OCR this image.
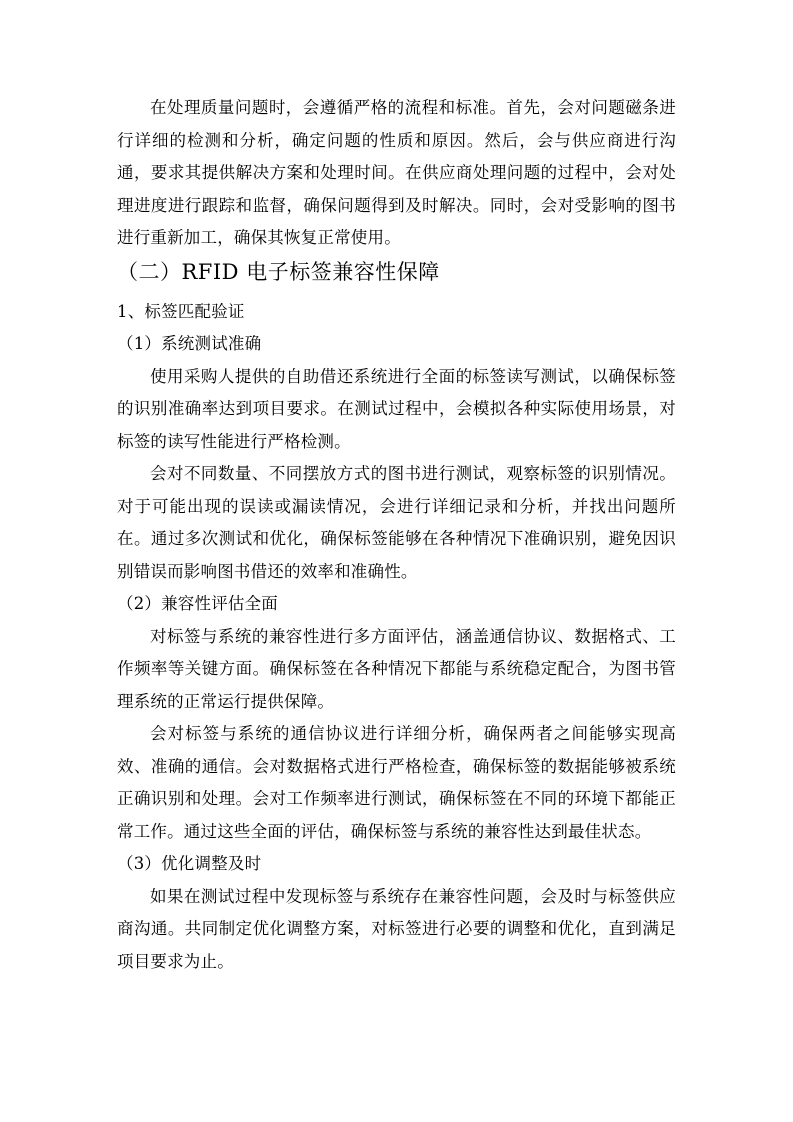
在处理质量问题时，会遵循严格的流程和标准。首先，会对问题磁条进行详细的检测和分析，确定问题的性质和原因。然后，会与供应商进行沟通，要求其提供解决方案和处理时间。在供应商处理问题的过程中，会对处理进度进行跟踪和监督，确保问题得到及时解决。同时，会对受影响的图书进行重新加工，确保其恢复正常使用。

（二）RFID 电子标签兼容性保障

1、标签匹配验证

（1）系统测试准确

使用采购人提供的自助借还系统进行全面的标签读写测试，以确保标签的识别准确率达到项目要求。在测试过程中，会模拟各种实际使用场景，对标签的读写性能进行严格检测。

会对不同数量、不同摆放方式的图书进行测试，观察标签的识别情况。对于可能出现的误读或漏读情况，会进行详细记录和分析，并找出问题所在。通过多次测试和优化，确保标签能够在各种情况下准确识别，避免因识别错误而影响图书借还的效率和准确性。

（2）兼容性评估全面

对标签与系统的兼容性进行多方面评估，涵盖通信协议、数据格式、工作频率等关键方面。确保标签在各种情况下都能与系统稳定配合，为图书管理系统的正常运行提供保障。

会对标签与系统的通信协议进行详细分析，确保两者之间能够实现高效、准确的通信。会对数据格式进行严格检查，确保标签的数据能够被系统正确识别和处理。会对工作频率进行测试，确保标签在不同的环境下都能正常工作。通过这些全面的评估，确保标签与系统的兼容性达到最佳状态。

（3）优化调整及时

如果在测试过程中发现标签与系统存在兼容性问题，会及时与标签供应商沟通。共同制定优化调整方案，对标签进行必要的调整和优化，直到满足项目要求为止。
